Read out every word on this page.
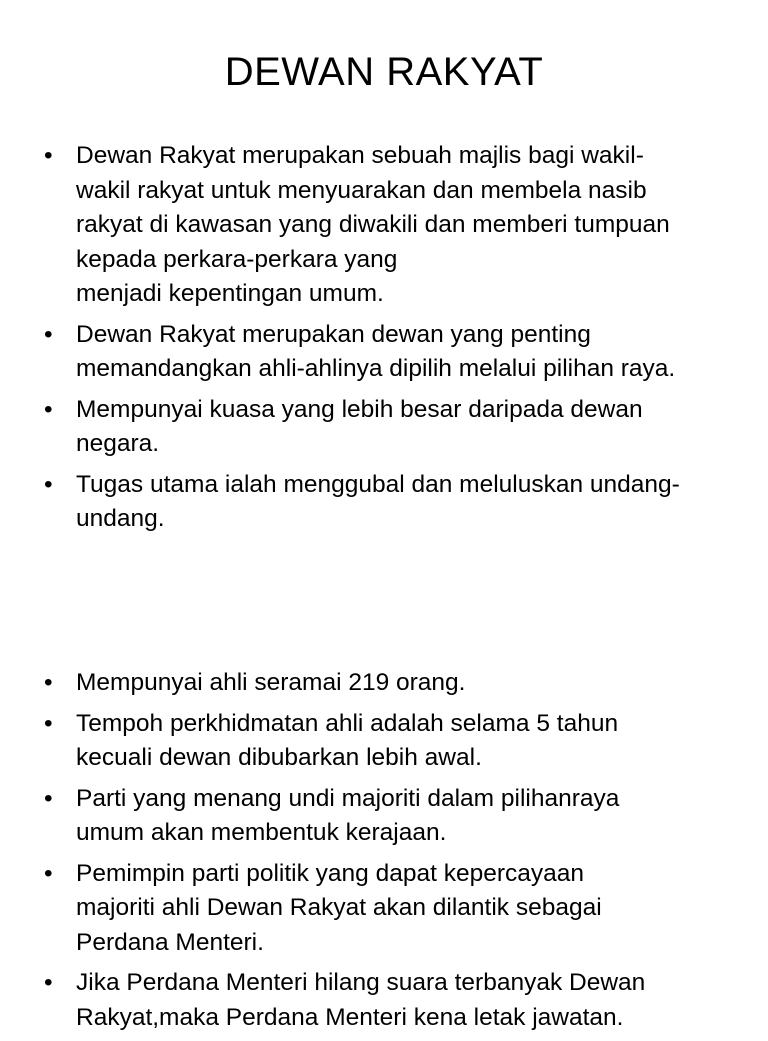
DEWAN RAKYAT
• Dewan Rakyat merupakan sebuah majlis bagi wakil-
wakil rakyat untuk menyuarakan dan membela nasib
rakyat di kawasan yang diwakili dan memberi tumpuan
kepada perkara-perkara yang
menjadi kepentingan umum.
• Dewan Rakyat merupakan dewan yang penting
memandangkan ahli-ahlinya dipilih melalui pilihan raya.
• Mempunyai kuasa yang lebih besar daripada dewan
negara.
• Tugas utama ialah menggubal dan meluluskan undang-
undang.
• Mempunyai ahli seramai 219 orang.
• Tempoh perkhidmatan ahli adalah selama 5 tahun
kecuali dewan dibubarkan lebih awal.
• Parti yang menang undi majoriti dalam pilihanraya
umum akan membentuk kerajaan.
• Pemimpin parti politik yang dapat kepercayaan
majoriti ahli Dewan Rakyat akan dilantik sebagai
Perdana Menteri.
• Jika Perdana Menteri hilang suara terbanyak Dewan
Rakyat,maka Perdana Menteri kena letak jawatan.
